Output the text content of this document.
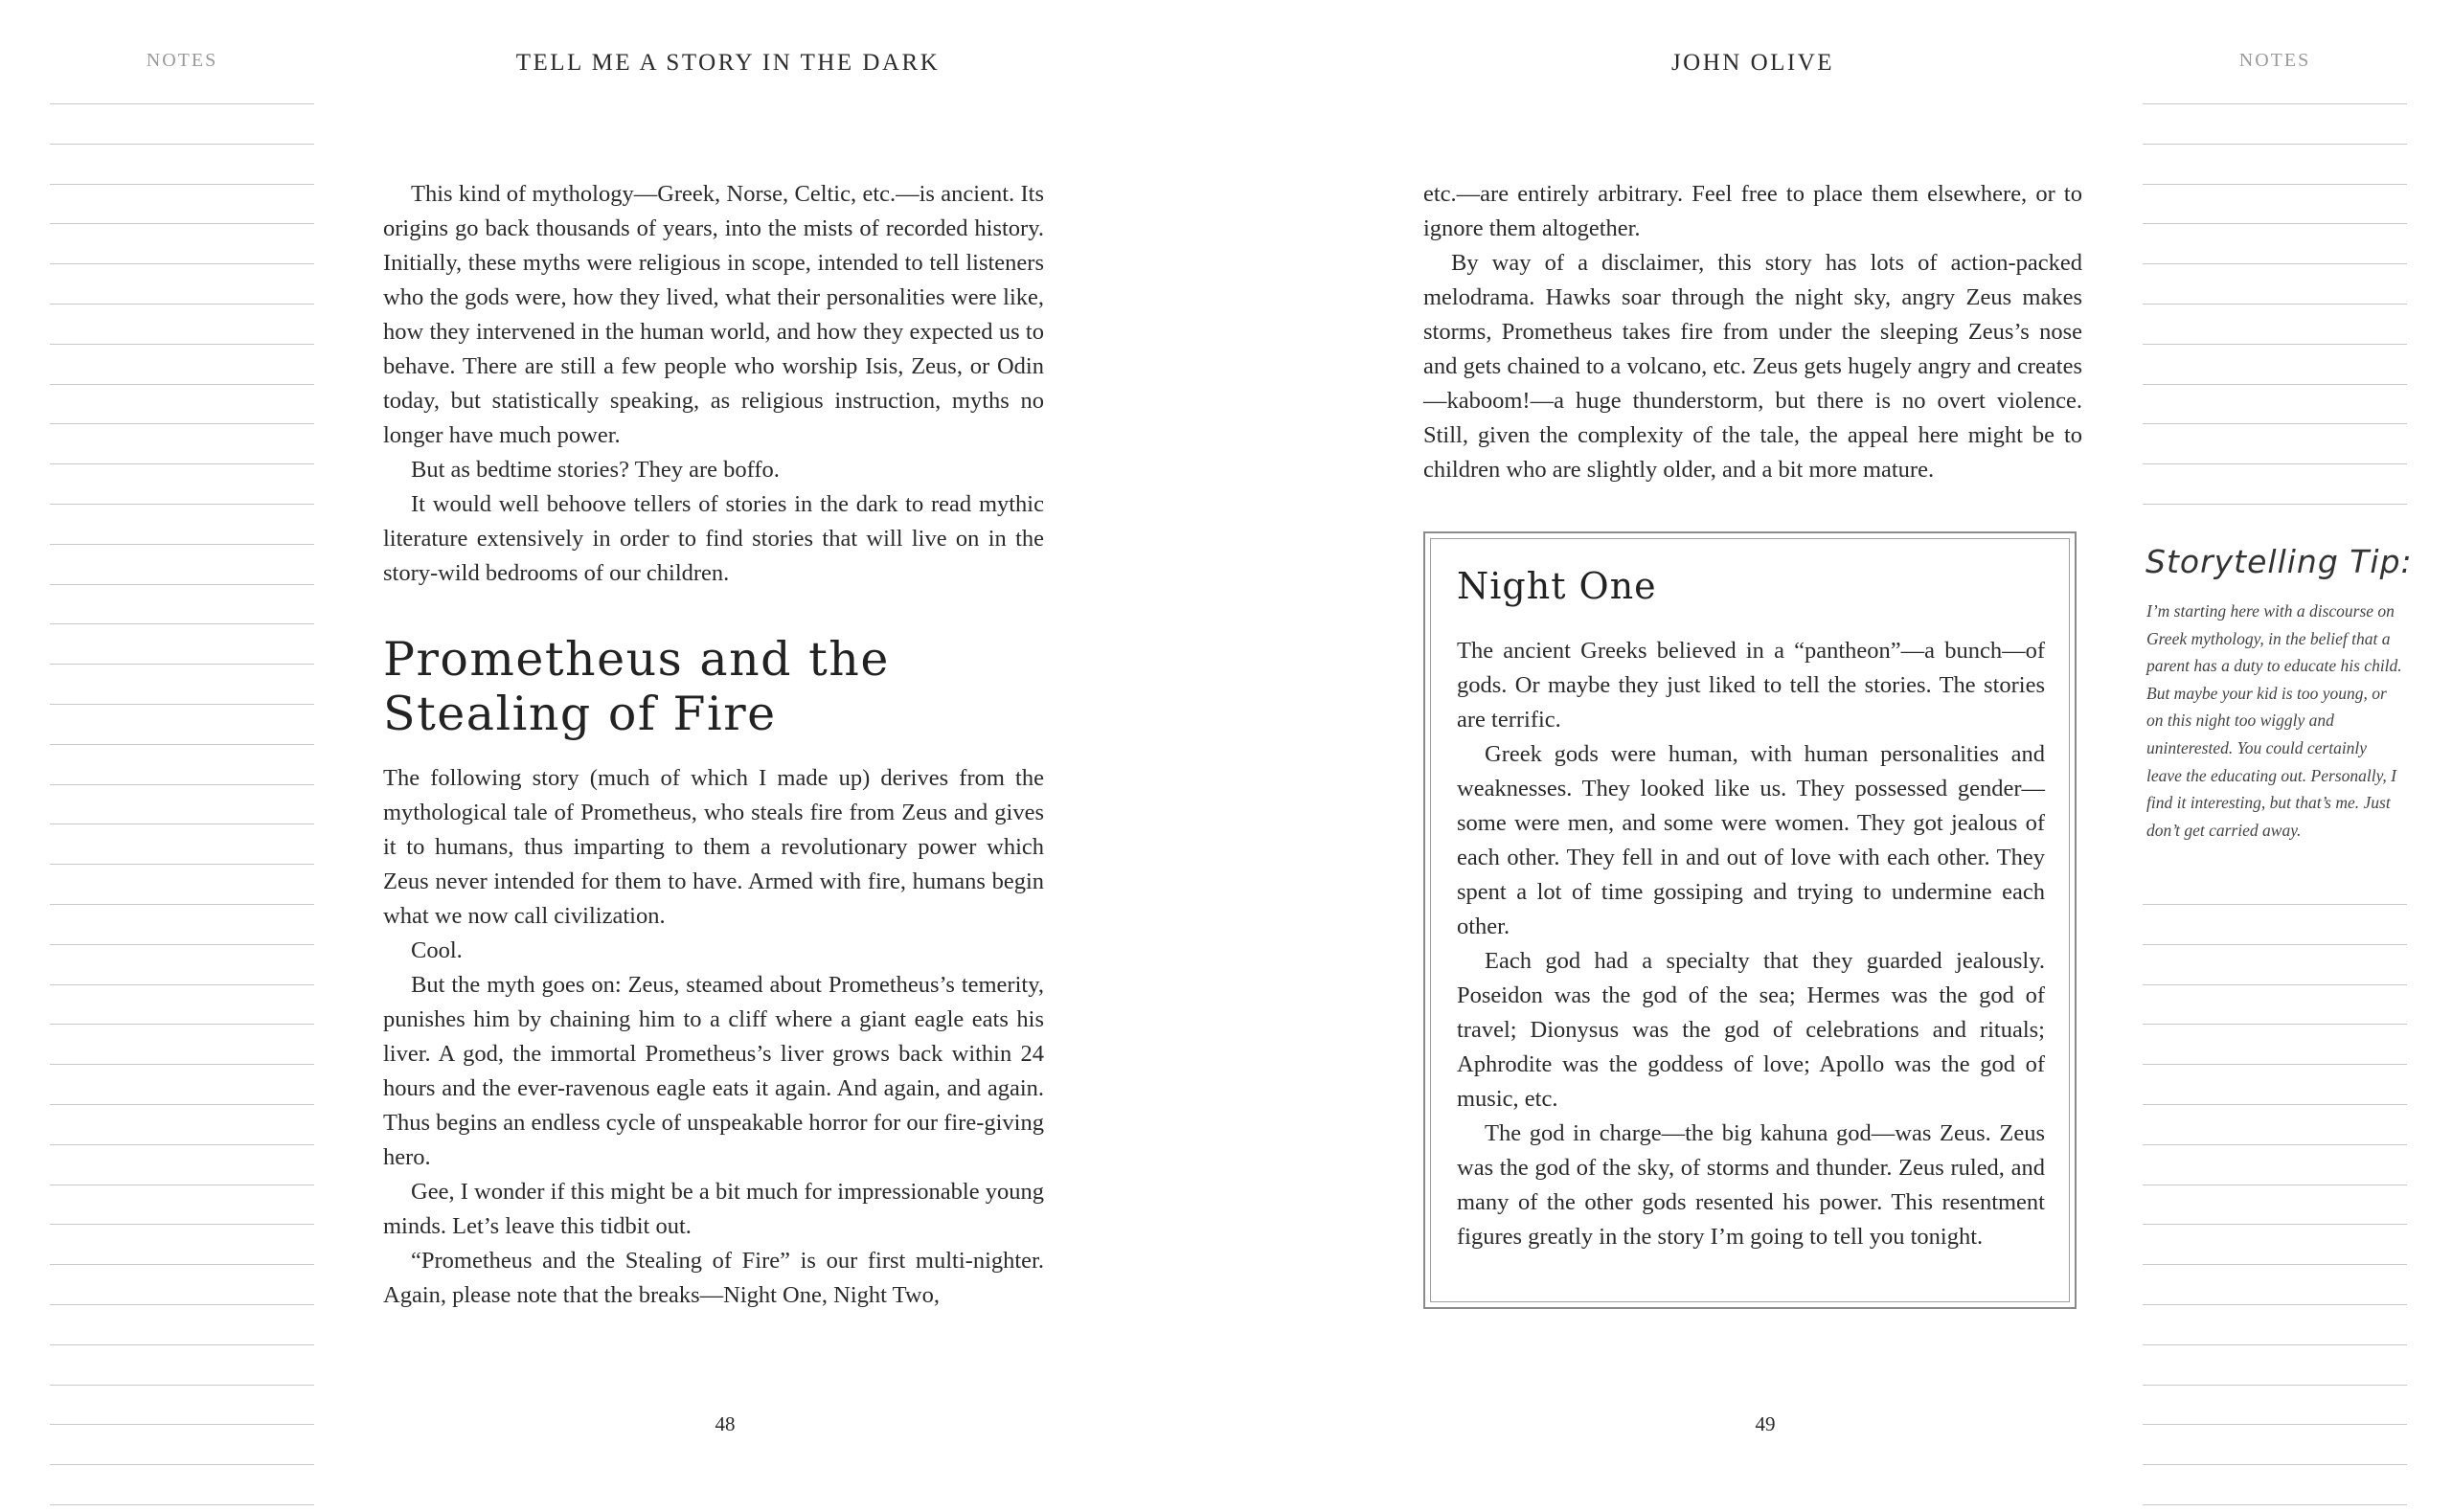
NOTES	TELL ME A STORY IN THE DARK

This kind of mythology—Greek, Norse, Celtic, etc.—is ancient. Its origins go back thousands of years, into the mists of recorded history. Initially, these myths were religious in scope, intended to tell listeners who the gods were, how they lived, what their personalities were like, how they intervened in the human world, and how they expected us to behave. There are still a few people who worship Isis, Zeus, or Odin today, but statistically speaking, as religious instruction, myths no longer have much power.

But as bedtime stories? They are boffo.

It would well behoove tellers of stories in the dark to read mythic literature extensively in order to find stories that will live on in the story-wild bedrooms of our children.

Prometheus and the Stealing of Fire

The following story (much of which I made up) derives from the mythological tale of Prometheus, who steals fire from Zeus and gives it to humans, thus imparting to them a revolutionary power which Zeus never intended for them to have. Armed with fire, humans begin what we now call civilization.

Cool.

But the myth goes on: Zeus, steamed about Prometheus’s temerity, punishes him by chaining him to a cliff where a giant eagle eats his liver. A god, the immortal Prometheus’s liver grows back within 24 hours and the ever-ravenous eagle eats it again. And again, and again. Thus begins an endless cycle of unspeakable horror for our fire-giving hero.

Gee, I wonder if this might be a bit much for impressionable young minds. Let’s leave this tidbit out.

“Prometheus and the Stealing of Fire” is our first multi-nighter. Again, please note that the breaks—Night One, Night Two,

48
JOHN OLIVE

etc.—are entirely arbitrary. Feel free to place them elsewhere, or to ignore them altogether.

By way of a disclaimer, this story has lots of action-packed melodrama. Hawks soar through the night sky, angry Zeus makes storms, Prometheus takes fire from under the sleeping Zeus’s nose and gets chained to a volcano, etc. Zeus gets hugely angry and creates—kaboom!—a huge thunderstorm, but there is no overt violence. Still, given the complexity of the tale, the appeal here might be to children who are slightly older, and a bit more mature.

Night One

The ancient Greeks believed in a “pantheon”—a bunch—of gods. Or maybe they just liked to tell the stories. The stories are terrific.

Greek gods were human, with human personalities and weaknesses. They looked like us. They possessed gender—some were men, and some were women. They got jealous of each other. They fell in and out of love with each other. They spent a lot of time gossiping and trying to undermine each other.

Each god had a specialty that they guarded jealously. Poseidon was the god of the sea; Hermes was the god of travel; Dionysus was the god of celebrations and rituals; Aphrodite was the goddess of love; Apollo was the god of music, etc.

The god in charge—the big kahuna god—was Zeus. Zeus was the god of the sky, of storms and thunder. Zeus ruled, and many of the other gods resented his power. This resentment figures greatly in the story I’m going to tell you tonight.

49
NOTES
Storytelling Tip:
I’m starting here with a discourse on Greek mythology, in the belief that a parent has a duty to educate his child. But maybe your kid is too young, or on this night too wiggly and uninterested. You could certainly leave the educating out. Personally, I find it interesting, but that’s me. Just don’t get carried away.
